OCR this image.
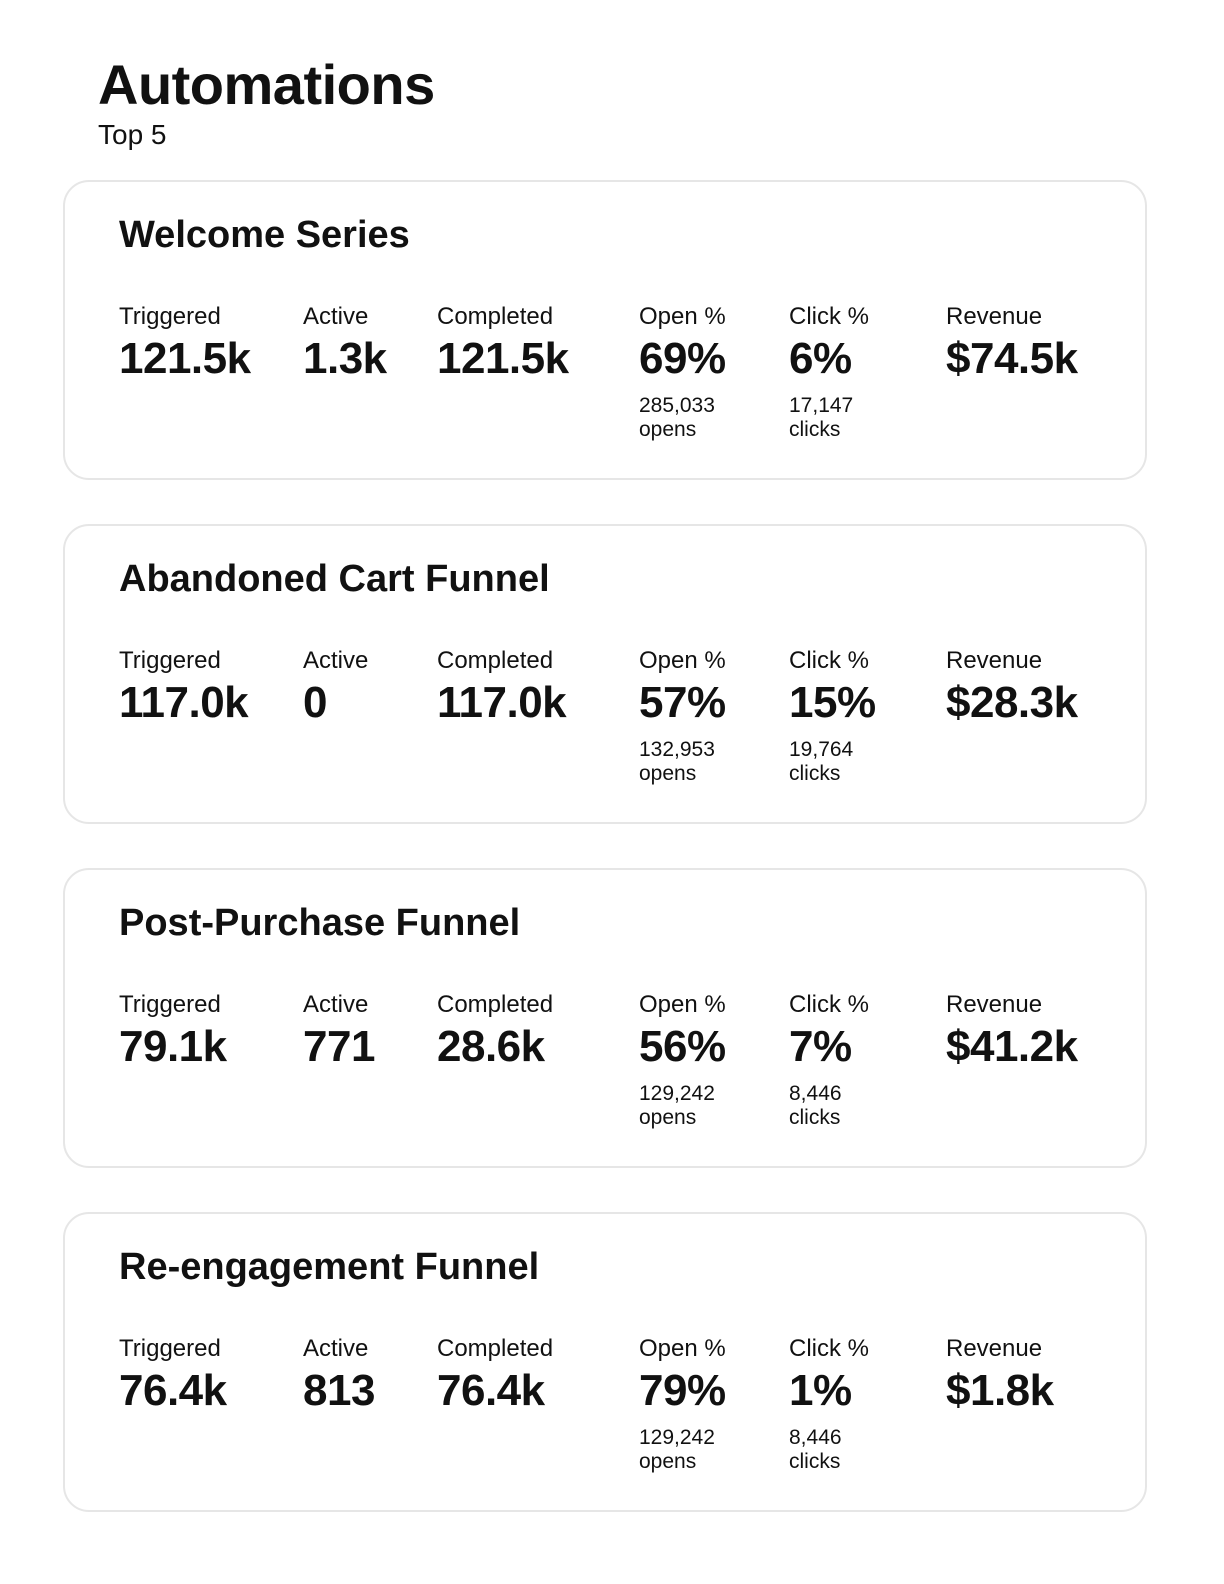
Automations
Top 5
Welcome Series
Triggered
121.5k
Active
1.3k
Completed
121.5k
Open %
69%
285,033
opens
Click %
6%
17,147
clicks
Revenue
$74.5k
Abandoned Cart Funnel
Triggered
117.0k
Active
0
Completed
117.0k
Open %
57%
132,953
opens
Click %
15%
19,764
clicks
Revenue
$28.3k
Post-Purchase Funnel
Triggered
79.1k
Active
771
Completed
28.6k
Open %
56%
129,242
opens
Click %
7%
8,446
clicks
Revenue
$41.2k
Re-engagement Funnel
Triggered
76.4k
Active
813
Completed
76.4k
Open %
79%
129,242
opens
Click %
1%
8,446
clicks
Revenue
$1.8k
